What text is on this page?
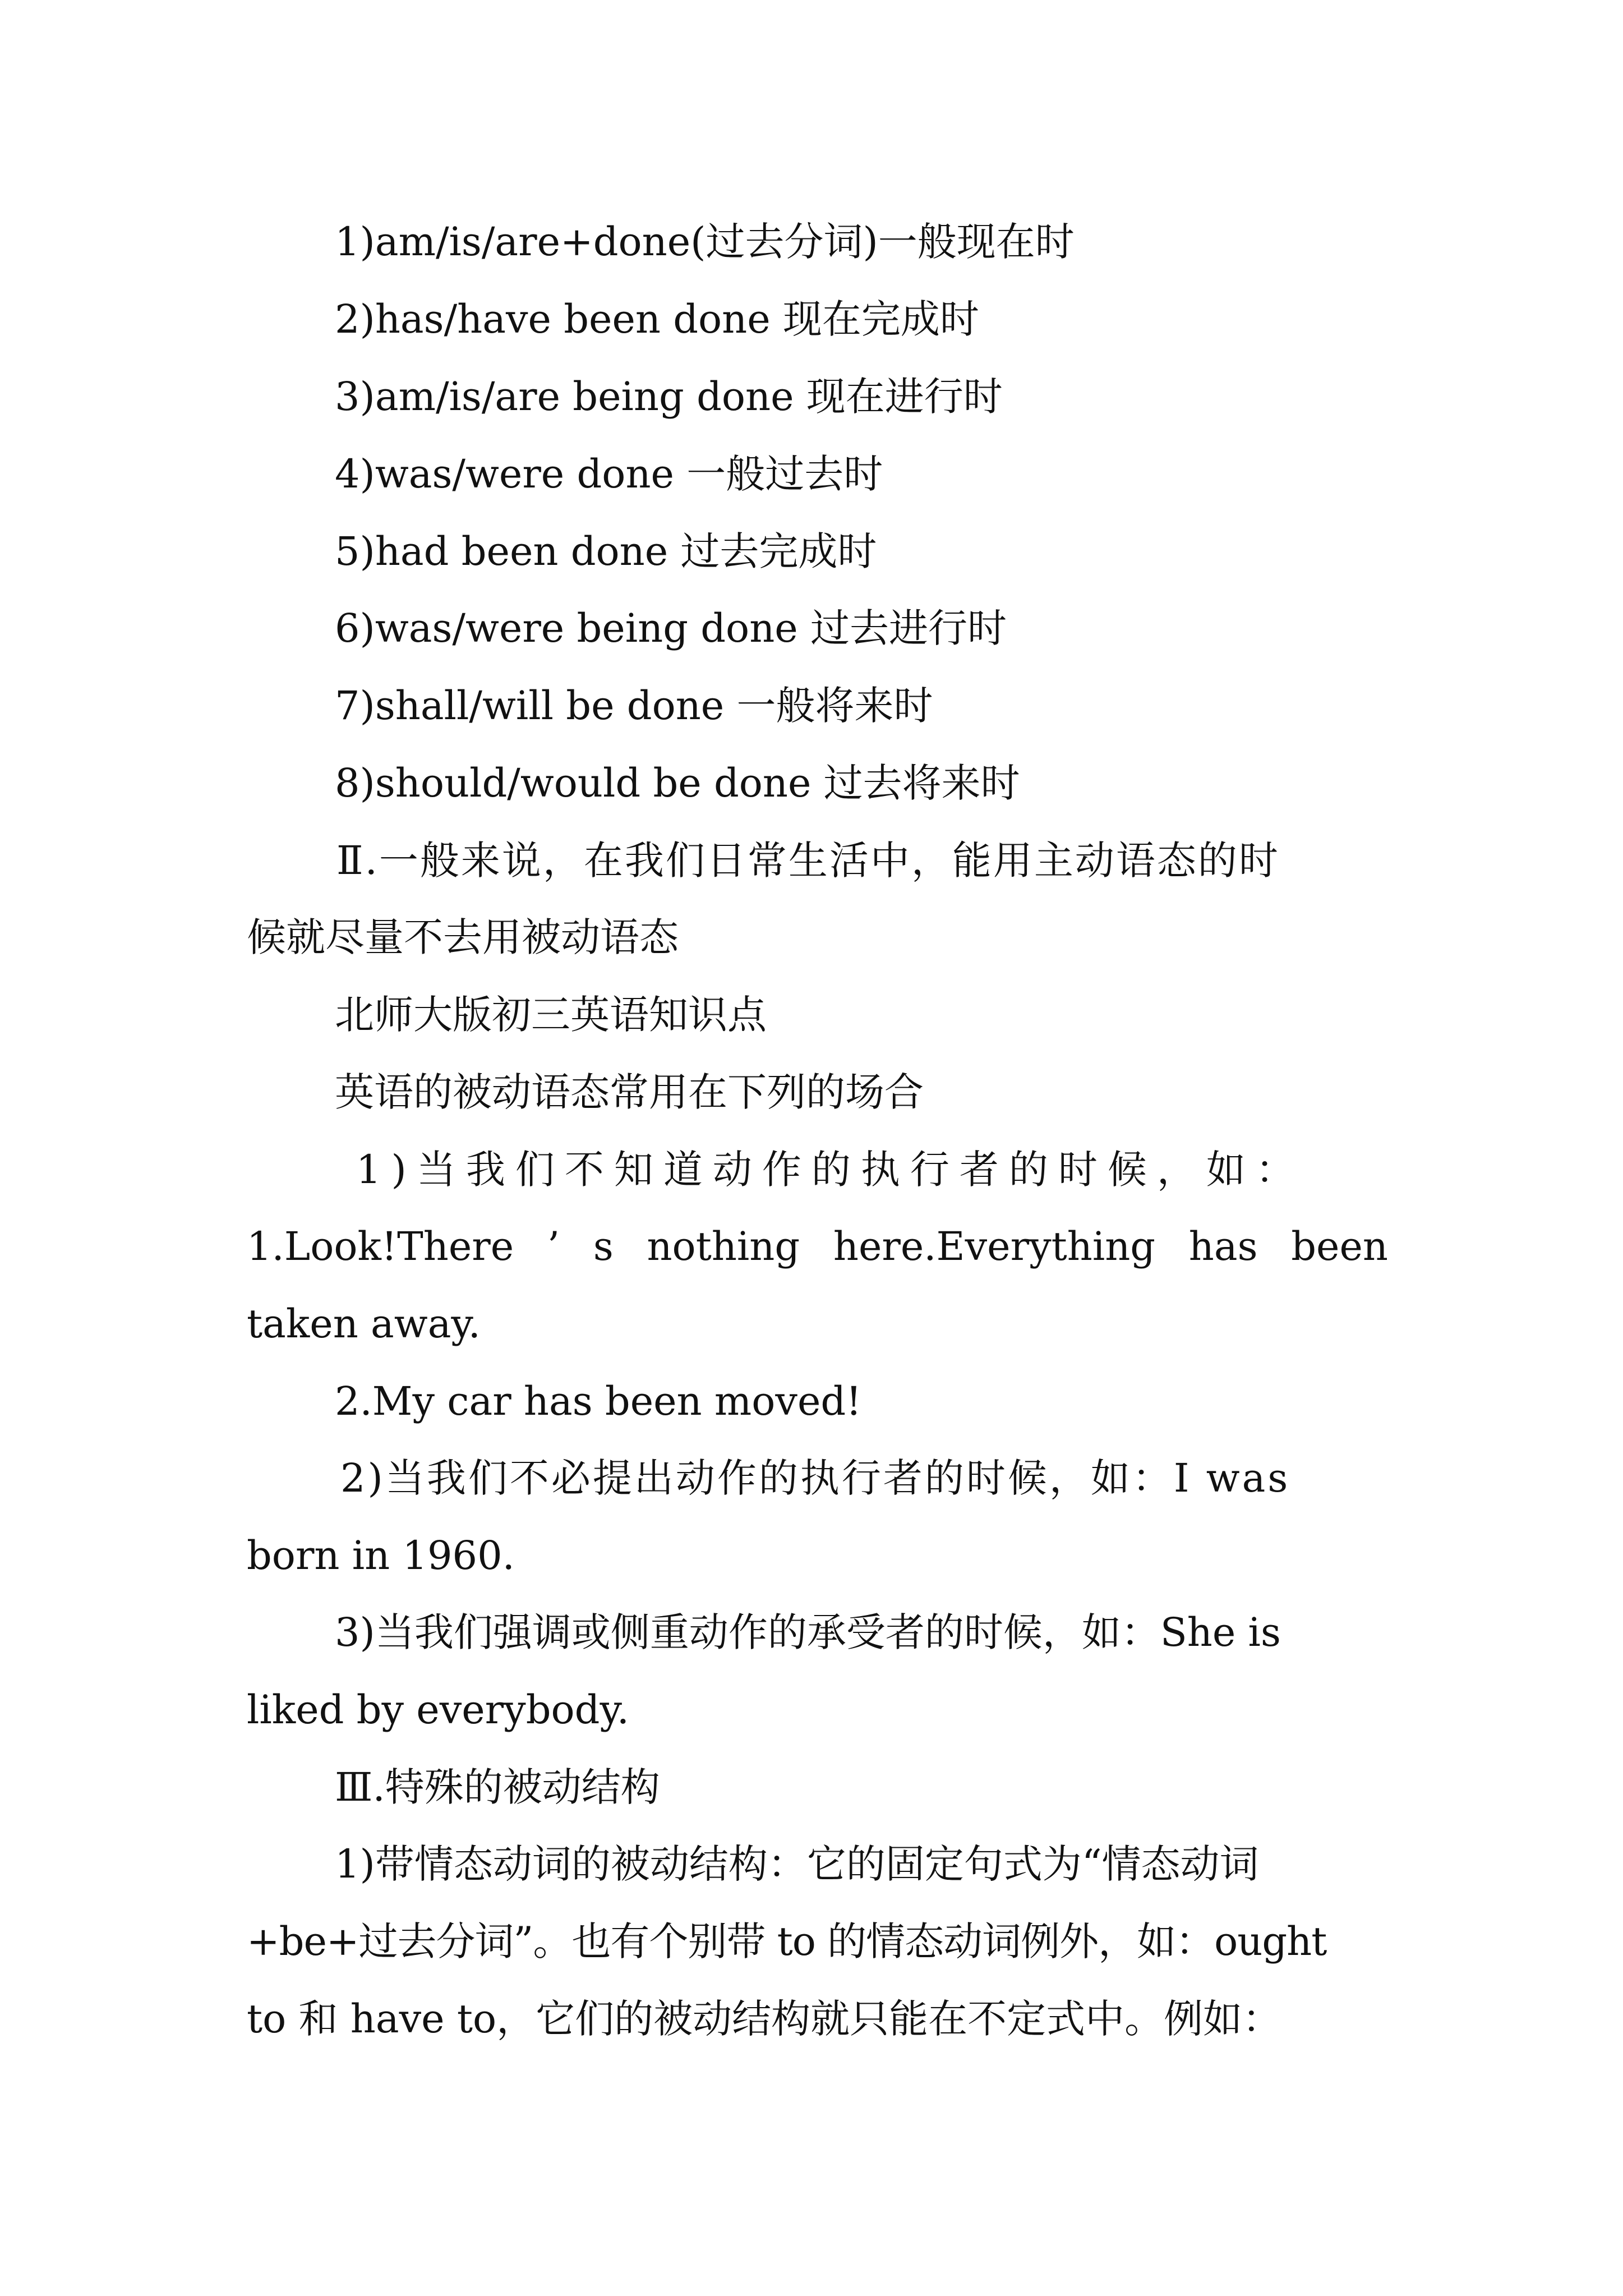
1)am/is/are+done(过去分词)一般现在时
2)has/have been done 现在完成时
3)am/is/are being done 现在进行时
4)was/were done 一般过去时
5)had been done 过去完成时
6)was/were being done 过去进行时
7)shall/will be done 一般将来时
8)should/would be done 过去将来时
Ⅱ.一般来说，在我们日常生活中，能用主动语态的时
候就尽量不去用被动语态
北师大版初三英语知识点
英语的被动语态常用在下列的场合
1)当我们不知道动作的执行者的时候，如：
1.Look!There ’ s nothing here.Everything has been
taken away.
2.My car has been moved!
2)当我们不必提出动作的执行者的时候，如：I was
born in 1960.
3)当我们强调或侧重动作的承受者的时候，如：She is
liked by everybody.
Ⅲ.特殊的被动结构
1)带情态动词的被动结构：它的固定句式为“情态动词
+be+过去分词”。也有个别带 to 的情态动词例外，如：ought
to 和 have to，它们的被动结构就只能在不定式中。例如：
